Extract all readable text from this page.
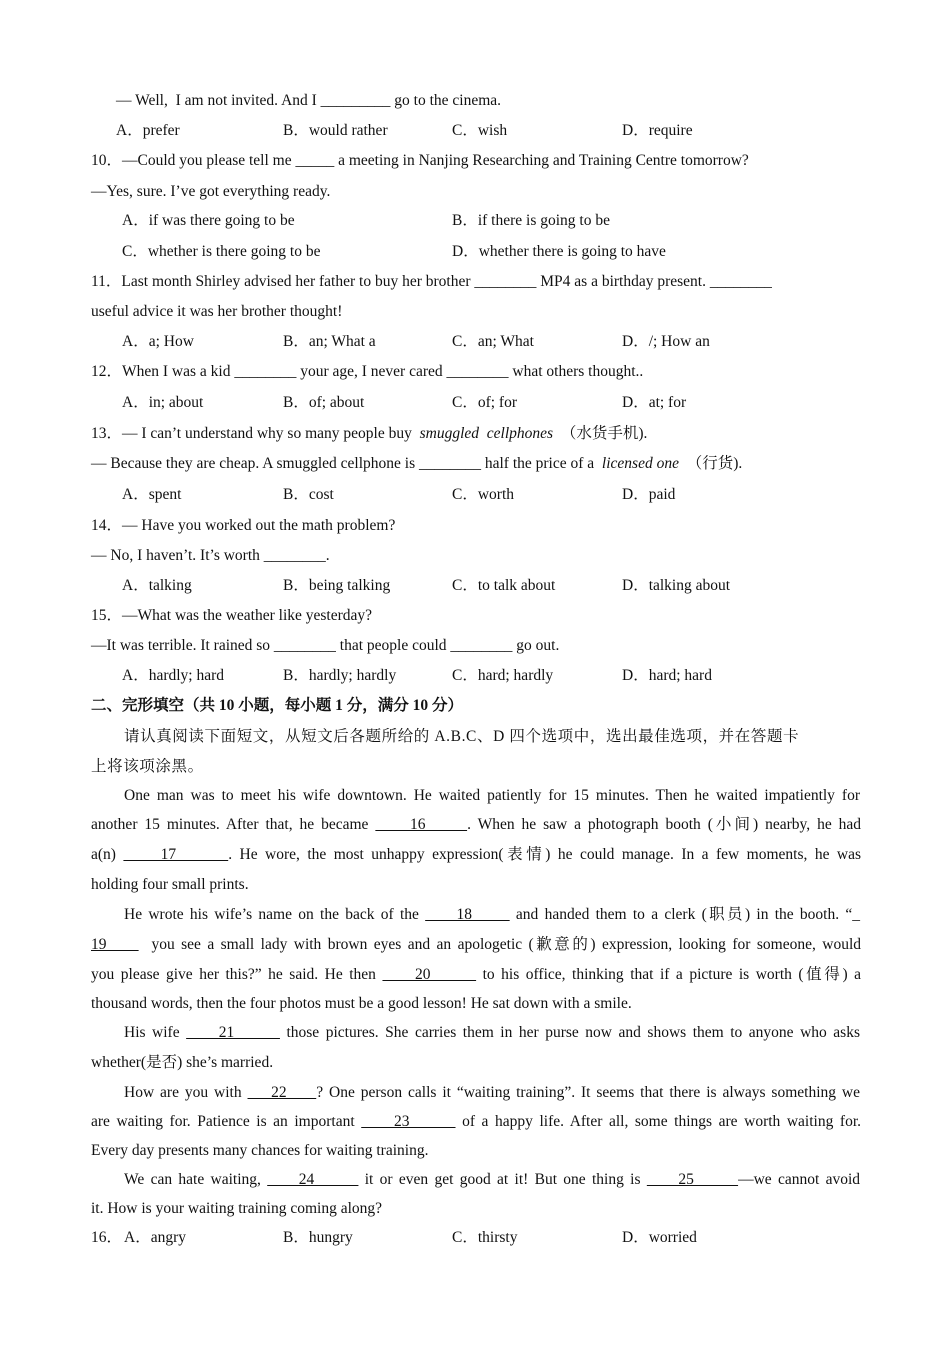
— Well,  I am not invited. And I _________ go to the cinema.

A．prefer

	B．would rather

	C．wish

	D．require

10．—Could you please tell me _____ a meeting in Nanjing Researching and Training Centre tomorrow?
—Yes, sure. I’ve got everything ready.

A．if was there going to be

	B．if there is going to be

C．whether is there going to be

	D．whether there is going to have

11．Last month Shirley advised her father to buy her brother ________ MP4 as a birthday present. ________
useful advice it was her brother thought!

A．a; How

	B．an; What a

	C．an; What

	D．/; How an

12．When I was a kid ________ your age, I never cared ________ what others thought..

A．in; about

	B．of; about

	C．of; for

	D．at; for

13．— I can’t understand why so many people buy  smuggled  cellphones  （水货手机).
— Because they are cheap. A smuggled cellphone is ________ half the price of a  licensed one  （行货).

A．spent

	B．cost

	C．worth

	D．paid

14．— Have you worked out the math problem?
— No, I haven’t. It’s worth ________.

A．talking

	B．being talking

	C．to talk about

	D．talking about

15．—What was the weather like yesterday?
—It was terrible. It rained so ________ that people could ________ go out.

A．hardly; hard

	B．hardly; hardly

	C．hard; hardly

	D．hard; hard

二、完形填空（共 10 小题，每小题 1 分，满分 10 分）
请认真阅读下面短文，从短文后各题所给的 A.B.C、D 四个选项中，选出最佳选项，并在答题卡
上将该项涂黑。
One man was to meet his wife downtown. He waited patiently for 15 minutes. Then he waited impatiently for
another 15 minutes. After that, he became      16      . When he saw a photograph booth (小间) nearby, he had
a(n)      17       . He wore, the most unhappy expression(表情) he could manage. In a few moments, he was
holding four small prints.
He wrote his wife’s name on the back of the      18       and handed them to a clerk (职员) in the booth. “_
19       you see a small lady with brown eyes and an apologetic (歉意的) expression, looking for someone, would
you please give her this?” he said. He then      20        to his office, thinking that if a picture is worth (值得) a
thousand words, then the four photos must be a good lesson! He sat down with a smile.
His wife      21        those pictures. She carries them in her purse now and shows them to anyone who asks
whether(是否) she’s married.
How are you with     22     ? One person calls it “waiting training”. It seems that there is always something we
are waiting for. Patience is an important      23        of a happy life. After all, some things are worth waiting for.
Every day presents many chances for waiting training.
We can hate waiting,      24        it or even get good at it! But one thing is      25       —we cannot avoid
it. How is your waiting training coming along?

16．

A．angry

	B．hungry

	C．thirsty

	D．worried
